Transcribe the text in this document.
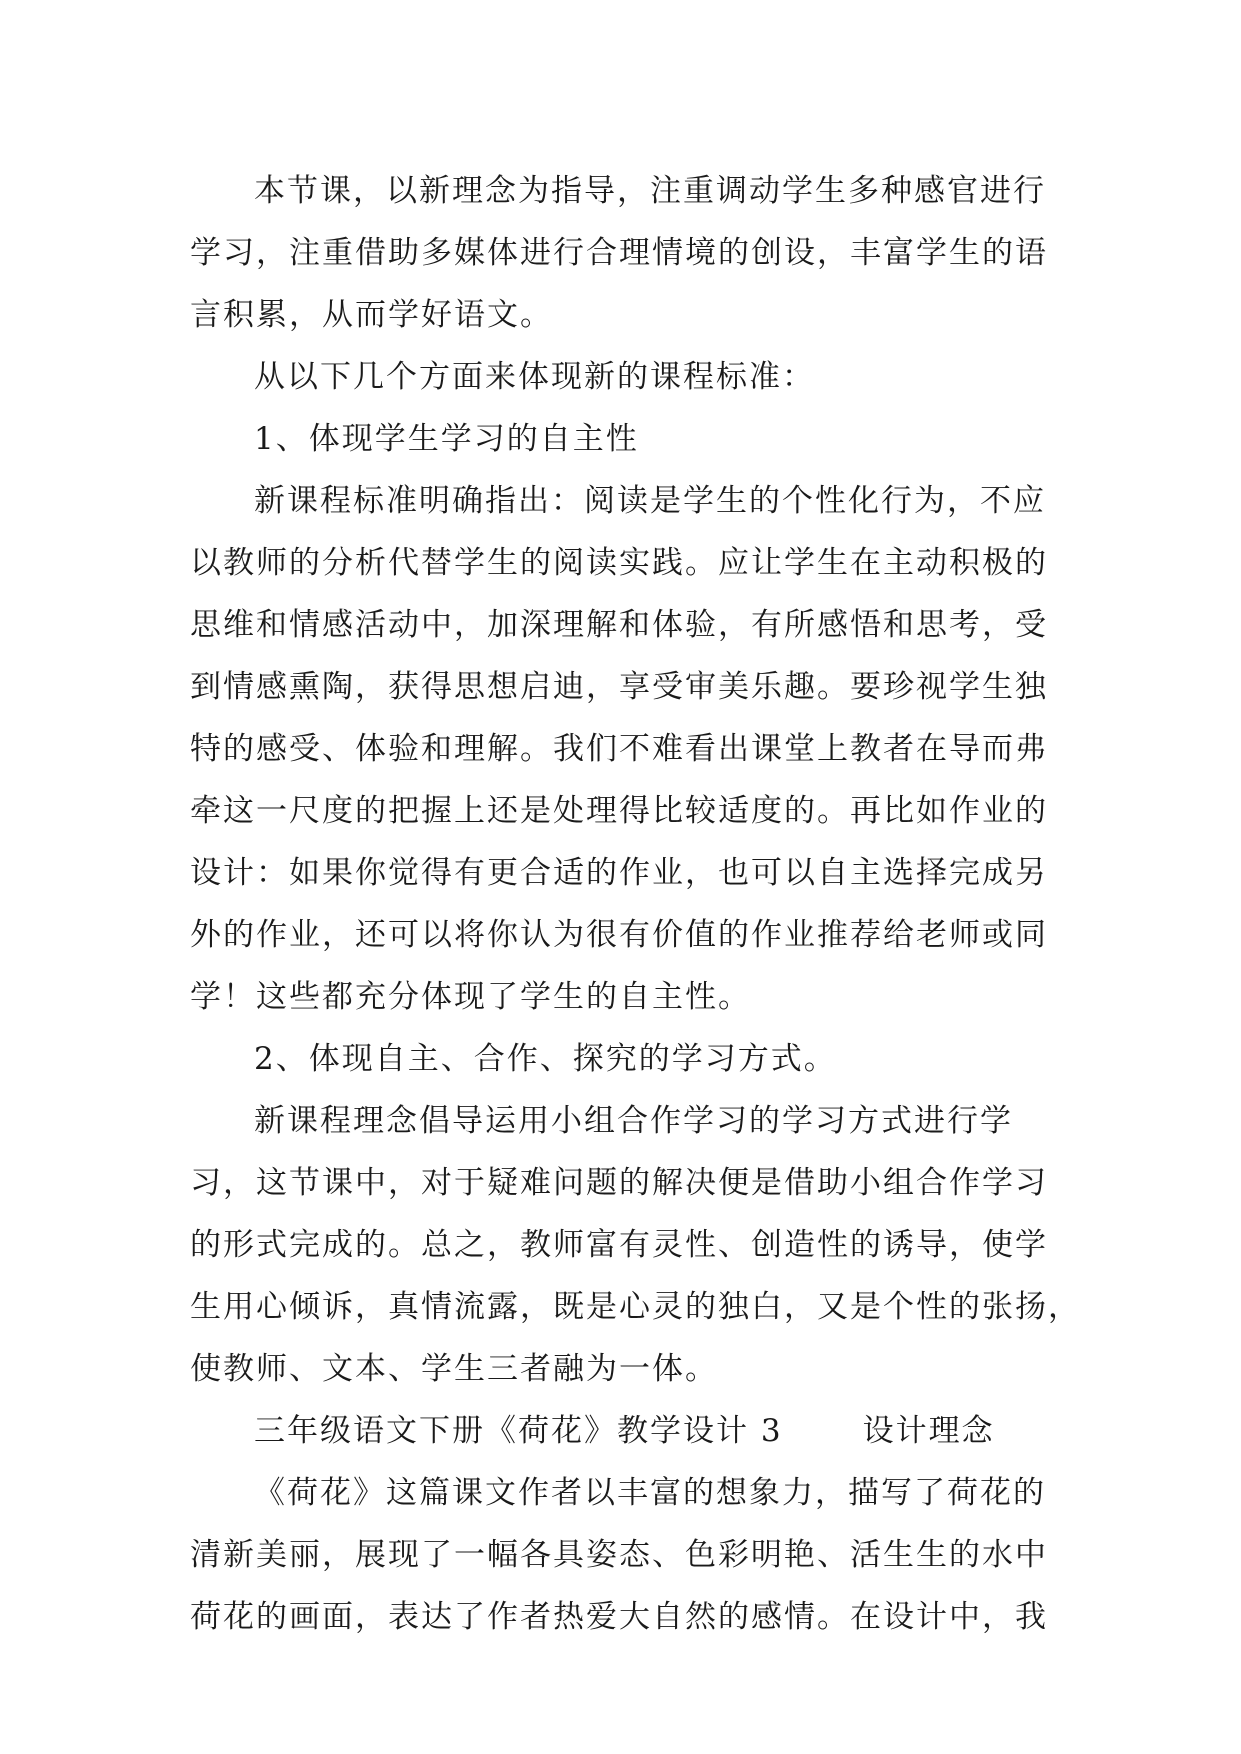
本节课，以新理念为指导，注重调动学生多种感官进行
学习，注重借助多媒体进行合理情境的创设，丰富学生的语
言积累，从而学好语文。
从以下几个方面来体现新的课程标准：
1、体现学生学习的自主性
新课程标准明确指出：阅读是学生的个性化行为，不应
以教师的分析代替学生的阅读实践。应让学生在主动积极的
思维和情感活动中，加深理解和体验，有所感悟和思考，受
到情感熏陶，获得思想启迪，享受审美乐趣。要珍视学生独
特的感受、体验和理解。我们不难看出课堂上教者在导而弗
牵这一尺度的把握上还是处理得比较适度的。再比如作业的
设计：如果你觉得有更合适的作业，也可以自主选择完成另
外的作业，还可以将你认为很有价值的作业推荐给老师或同
学！这些都充分体现了学生的自主性。
2、体现自主、合作、探究的学习方式。
新课程理念倡导运用小组合作学习的学习方式进行学
习，这节课中，对于疑难问题的解决便是借助小组合作学习
的形式完成的。总之，教师富有灵性、创造性的诱导，使学
生用心倾诉，真情流露，既是心灵的独白，又是个性的张扬，
使教师、文本、学生三者融为一体。
三年级语文下册《荷花》教学设计 3	设计理念
《荷花》这篇课文作者以丰富的想象力，描写了荷花的
清新美丽，展现了一幅各具姿态、色彩明艳、活生生的水中
荷花的画面，表达了作者热爱大自然的感情。在设计中，我
